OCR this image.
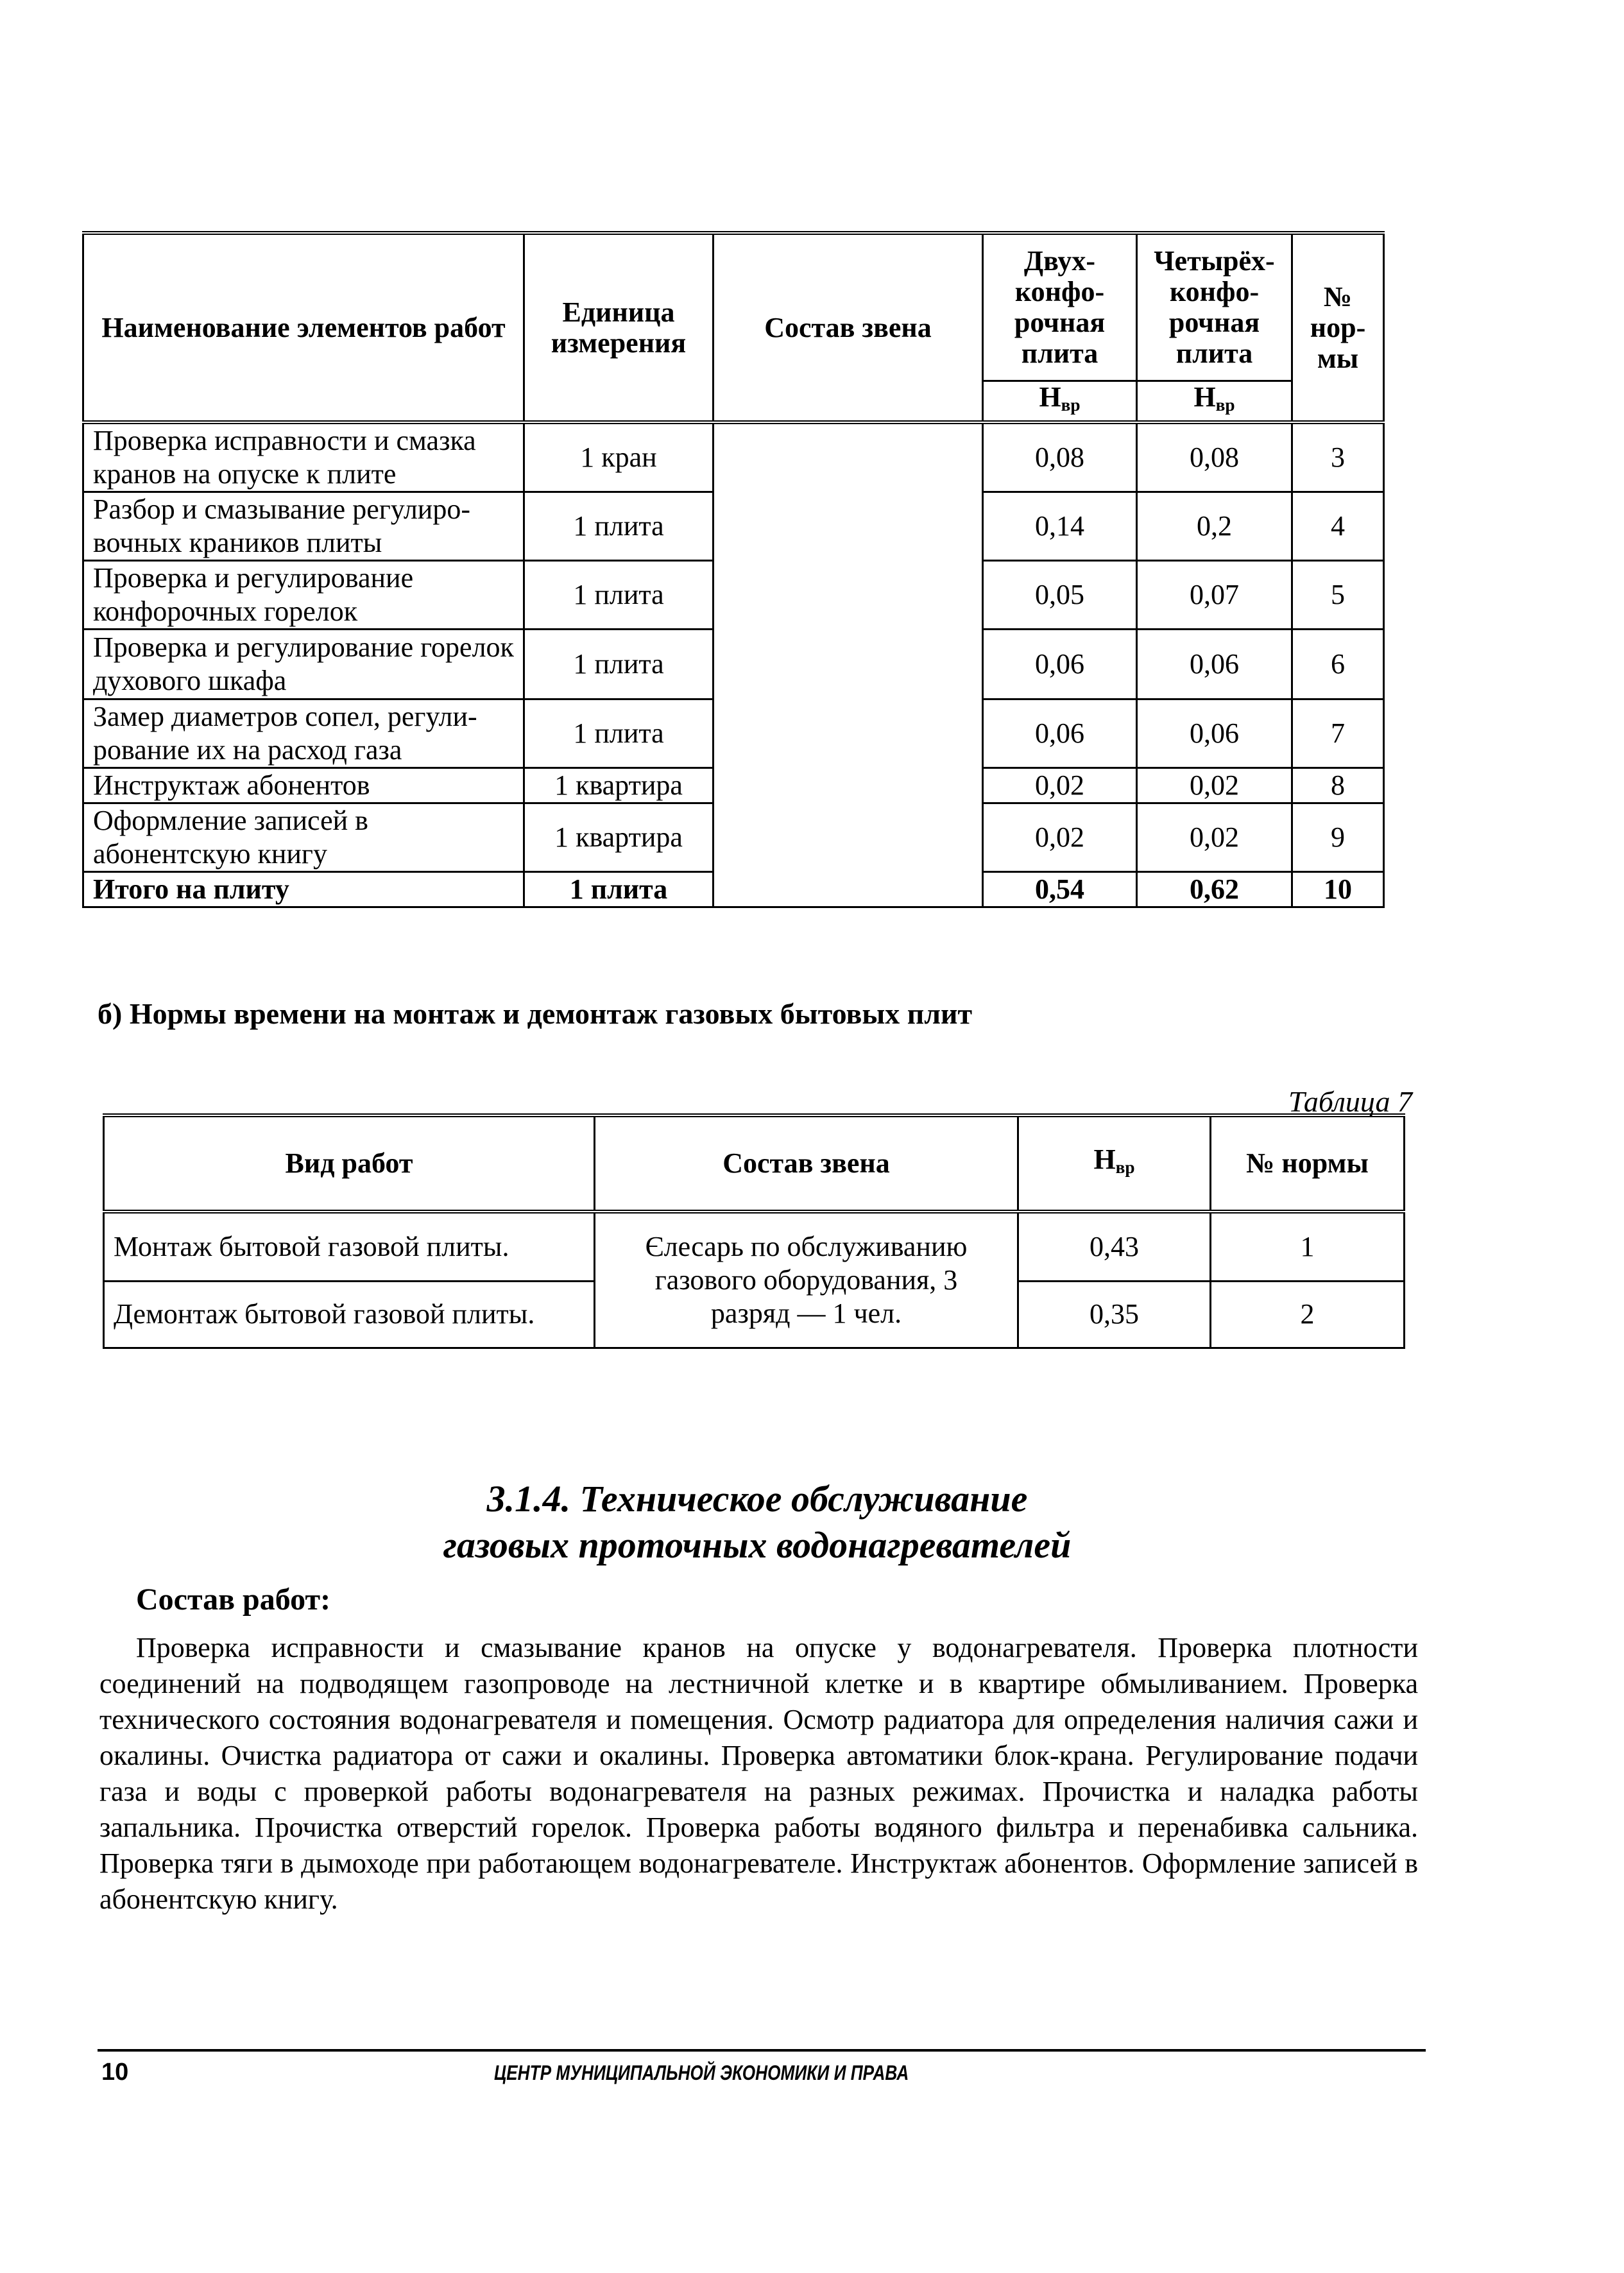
Наименование элементов работ	Единица измерения	Состав звена	Двух-конфо-рочная плита	Четырёх-конфо-рочная плита	№ нор-мы
			$Н_{вр}$	$Н_{вр}$
Проверка исправности и смазка кранов на опуске к плите	1 кран		0,08	0,08	3
Разбор и смазывание регулиро-вочных краников плиты	1 плита		0,14	0,2	4
Проверка и регулирование конфорочных горелок	1 плита		0,05	0,07	5
Проверка и регулирование горелок духового шкафа	1 плита		0,06	0,06	6
Замер диаметров сопел, регули-рование их на расход газа	1 плита		0,06	0,06	7
Инструктаж абонентов	1 квартира		0,02	0,02	8
Оформление записей в абонентскую книгу	1 квартира		0,02	0,02	9
Итого на плиту	1 плита		0,54	0,62	10
б) Нормы времени на монтаж и демонтаж газовых бытовых плит
Таблица 7
Вид работ	Состав звена	$Н_{вр}$	№ нормы
Монтаж бытовой газовой плиты.	Єлесарь по обслуживанию газового оборудования, 3 разряд — 1 чел.	0,43	1
Демонтаж бытовой газовой плиты.		0,35	2
3.1.4. Техническое обслуживание
газовых проточных водонагревателей
Состав работ:

Проверка исправности и смазывание кранов на опуске у водонагревателя. Проверка плотности соединений на подводящем газопроводе на лестничной клетке и в квартире обмыливанием. Проверка технического состояния водонагревателя и помещения. Осмотр радиатора для определения наличия сажи и окалины. Очистка радиатора от сажи и окалины. Проверка автоматики блок-крана. Регулирование подачи газа и воды с проверкой работы водонагревателя на разных режимах. Прочистка и наладка работы запальника. Прочистка отверстий горелок. Проверка работы водяного фильтра и перенабивка сальника. Проверка тяги в дымоходе при работающем водонагревателе. Инструктаж абонентов. Оформление записей в абонентскую книгу.

10	ЦЕНТР МУНИЦИПАЛЬНОЙ ЭКОНОМИКИ И ПРАВА
